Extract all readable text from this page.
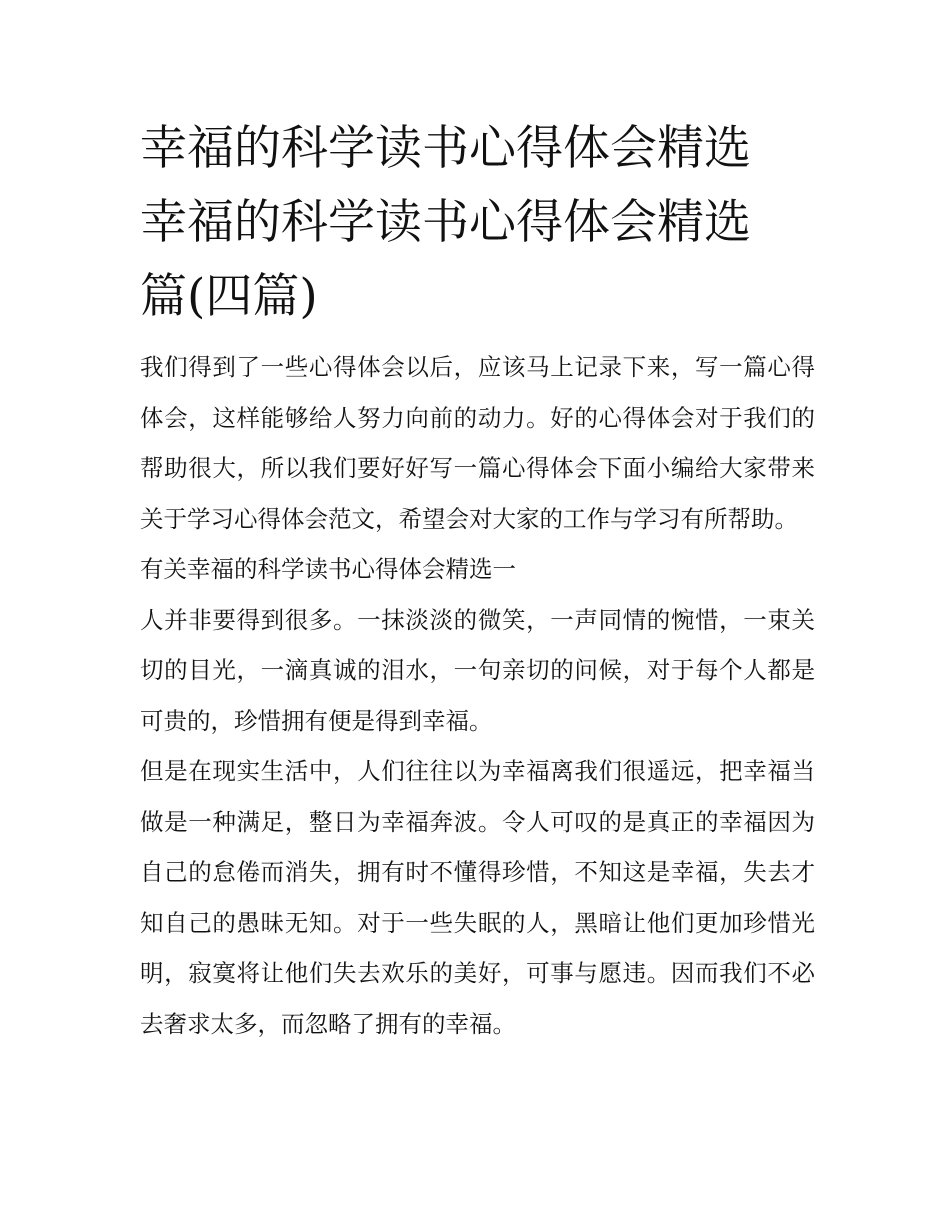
幸福的科学读书心得体会精选
幸福的科学读书心得体会精选
篇(四篇)

我们得到了一些心得体会以后，应该马上记录下来，写一篇心得体会，这样能够给人努力向前的动力。好的心得体会对于我们的帮助很大，所以我们要好好写一篇心得体会下面小编给大家带来关于学习心得体会范文，希望会对大家的工作与学习有所帮助。

有关幸福的科学读书心得体会精选一

人并非要得到很多。一抹淡淡的微笑，一声同情的惋惜，一束关切的目光，一滴真诚的泪水，一句亲切的问候，对于每个人都是可贵的，珍惜拥有便是得到幸福。

但是在现实生活中，人们往往以为幸福离我们很遥远，把幸福当做是一种满足，整日为幸福奔波。令人可叹的是真正的幸福因为自己的怠倦而消失，拥有时不懂得珍惜，不知这是幸福，失去才知自己的愚昧无知。对于一些失眠的人，黑暗让他们更加珍惜光明，寂寞将让他们失去欢乐的美好，可事与愿违。因而我们不必去奢求太多，而忽略了拥有的幸福。
